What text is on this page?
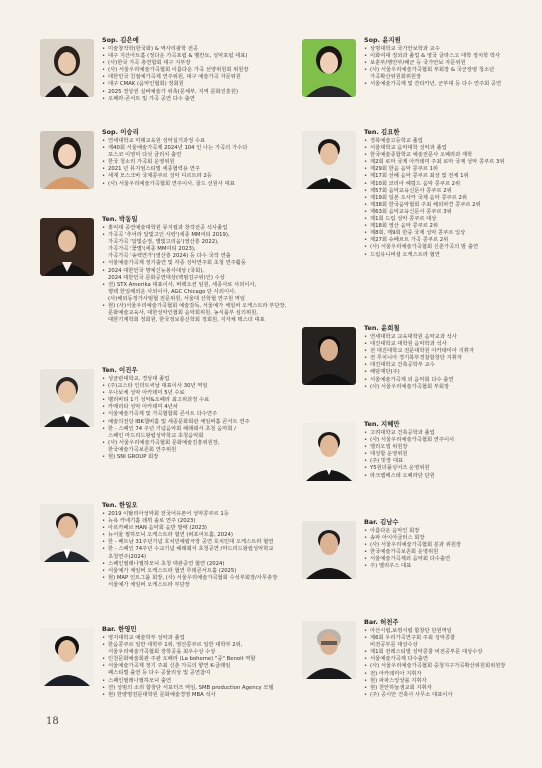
Sop. 김은애
• 미술창작학(한국화) & 역사리광학 전공
• 대구 지산아트홀 (정다운 가곡포럼 & 벨칸토, 성악포럼 대표)
• (사)한국 가곡 총연합회 대구 지부장
• (사) 서울우리예술가곡협회 이름다운 가곡 선양위원회 위원장
• 대한민국 친절예가곡제 연주위원, 대구 예술가곡 자문위원
• 대구 CMAK (음악인협회) 정회원
• 2025 경상권 실버예술가 위촉(문체부, 지역 문화진흥원)
• 오페라·콘서트 및 가곡 공연 다수 출연
Sop. 이승리
• 연세대학교 미래교육원 성악실기과정 수료
• 제40회 서울예술가곡제 2024년 104 인 나는 가곡의 가수다
포스코 이영미 다섯 클리치 출연
• 한국 청소리 가곡회 운영위원
• 2021 년 뮤지엄스티벌 세종협력용 연주
• 세계 모스크바 국제콩쿠르 성악 디르트라 2등
• (사) 서울우리예술가곡협회 연주이사, 골드 선원사 대표
Ten. 박동일
• 홍익대 공연예술대학원 뮤지컬과 창작전공 석사졸업
• 가곡곡 '추어라 달빛고인 사랑'(세종 MM여티 2019),
가곡가곡 '달빛순정, 별빛고리움'(영산흥 2022),
가곡가곡 '꽃별'(세종 MM여티 2023),
가곡가곡 '송백연가'(영산흥 2024) 등 다수 국작 연출
• 서울예술가곡제 정기출연 및 각종 성악연주회 초청 연주활동
• 2024 대한민국 명예신뉴봉사대상 (국회),
2024 대한민국 문화공연대상(백범김구위)인) 수상
• 전) STX Amerika 대표이사, 버팩오션 임원, 세종사로 사외이사,
평택 한일해외운 사외이사, AGC Chicago 단 사외이사,
(사)해외동정가사범협 전문위원, 서울대 산학협 연구원 역임
• 현) (사)서울우리예술가곡협회 예술감독, 서울예가 체일써 오케스트라 부단장,
문화예술교육사, 대한성악인협회 음악회위원, 농식품부 심의위원,
대한기계학회 정회원, 한국정보통신학회 정회원, 지자체 택스더 대표
Ten. 이진우
• 성균관대학교, 경상대 졸업
• (주)교스타 인더트씨날 대표이사 30년 역임
• 우나보체 성악 아카데미 5년 수료
• 벨리바티 1기 성악&오페라 최고위과정 수료
• 카메리타 성악 아카데미 4년차
• 서울예술가곡제 및 가곡협합회 콘서트 다수연주
• 예술의전당 IBK챔버홀 및 세종문화회관 체임버홀 콘서트 연주
• 한 - 스페인 74 주년 기념음악회 헤래웨서 초청 음악회 /
스페인 마드리드왕립성악학교 초청음악회
• (사) 서울우리예술가곡협회 문화예술진흥위원장,
한국예술가곡보존회 연주위원
• 현) SNI GROUP 회장
Ten. 한일오
• 2019 이탈리아성악회 전국어유폰어 성악콩쿠르 1등
• 뉴욕 카네기홀 데뷔 솔로 연주 (2023)
• 아르카페브 HAN 음악회 음반 발매 (2023)
• 뉴서울 필하모닉 오케스트라 협연 (퍼포어트홀, 2024)
• 한 - 베트남 31주년기념 호치민예립극장 공연 호치민대 오케스트라 협연
• 한 - 스페인 74주년 수교기념 헤래웨서 초청공연 /마드리드왕립성악학교
초청연주(2024)
• 스페인필레나필하모닉 초청 대관공연 협연 (2024)
• 서울예가 체임버 오케스트라 협연 루데콘서트홀 (2025)
• 현) MAP 인트그룹 회장, (사) 서울우리예술가곡협회 수석부회장/사무총장
서울예가 체임버 오케스트라 부단장
Bar. 한영민
• 영지대학교 예술학부 성악과 졸업
• 한음콩쿠르 일반 대학부 1위, 영산콩쿠르 일반 대학부 2위,
서울우리예술가곡협회 장학공을 최우수상 수상
• 인천문화예술회관 주관 오페라 (La boheme) "중" Benoit 역할
• 서울예술가곡제 정기 주최 신춘 가곡의 향연 K-클래임
페스티벌 출연 등 다수 공물리상 및 공연참여
• 스페인필레나필하모닉 출연
• 전) 성범의 소리 합창단 서포터즈 역임, SMB production Agency 모델
• 현) 한양명전문대학원 문화예술경영 MBA 석사
Sop. 윤지원
• 상명대학교 국가안보학과 교수
• 이화여대 정외과 졸업 & 영국 글라스고 대학 정치학 박사
• 보훈부/행안부/해군 등 국가안보 자문위원
• (사) 서울우리예술가곡협회 부회장 & 국군장병 청소년
가곡확산위원회위원장
• 서울예술가곡제 및 잔타카년, 군부대 등 다수 연주회 공연
Ten. 김요한
• 경북예술고등학교 졸업
• 서울대학교 음악대학 성악과 졸업
• 한국예술종합학교 예술전문사 오페라과 재학
• 제2회 로마 국제 아카데미 주최 로마 국제 성악 콩쿠르 3위
• 제29회 한음 음악 콩쿠르 1위
• 제17회 선혜 음악 콩쿠르 최상 및 전체 1위
• 제10회 코리아 헤럴드 음악 콩쿠르 2위
• 제57회 음악교육신문사 콩쿠르 2위
• 제19회 일본 오사카 국제 음악 콩쿠르 2위
• 제38회 한국음악협회 주최 해외파견 콩쿠르 2위
• 제63회 음악교육신문사 콩쿠르 3위
• 제1회 드림 성악 콩쿠르 대상
• 제18회 영산 음악 콩쿠르 2위
• 제8회, 제9회 한중 국제 성악 콩쿠르 입상
• 제27회 슈베르트 가곡 콩쿠르 2위
• (사) 서울우리예술가곡협회 신춘가곡의 밤 출연
• 드림유니버셜 오케스트라 협연
Ten. 윤희철
• 연세대학교 교육대학원 음악교과 석사
• 대진대학교 대학원 음악학과 석사
• 전 대진대학교 전문대학원 아카데미아 지휘자
• 전 루치니아 경기북부경찰합창단 지휘자
• 대진대학교 건축공학부 교수
• 해담재단(주)
• 서울예술가곡제 외 음악회 다수 출연
• (사) 서울우리예술가곡협회 부회장
Ten. 지혜만
• 고려대학교 건축공학과 졸업
• (사) 서울우리예술가곡협회 연주이사
• 엘리오넬 위원장
• 대성합 운영위원
• (주) 빗장 대표
• Y5원더플싱어즈 운영위원
• 라크렘메스테 오페라단 단원
Bar. 김남수
• 아름다운 음악인 회장
• 송파 아이아클러스 회장
• (사) 서울우리예술가곡협회 분과 위원장
• 한국예술가곡보존회 운영위원
• 서울예술가곡제외 음악회 다수출연
• 주) 멜리우스 대표
Bar. 허천주
• 아산시립,보령시립 합창단 단원역임
• 제6회 우리가곡연구회 주최 성악콩쿨
비전공부문 대상수상
• 제1회 전레스티벌 성악콩쿨 비전공부문 대상수상
• 서울예술가곡제 다수출연
• (사) 서울우리예술가곡협회 중청지구가곡확산위원회위원장
• 전) 아카데미아 지휘자
• 현) 파파스앙상블 지휘자
• 현) 천안하늘샘교회 지휘자
• (주) 공시안 건축사 사무소 대표이사
18
